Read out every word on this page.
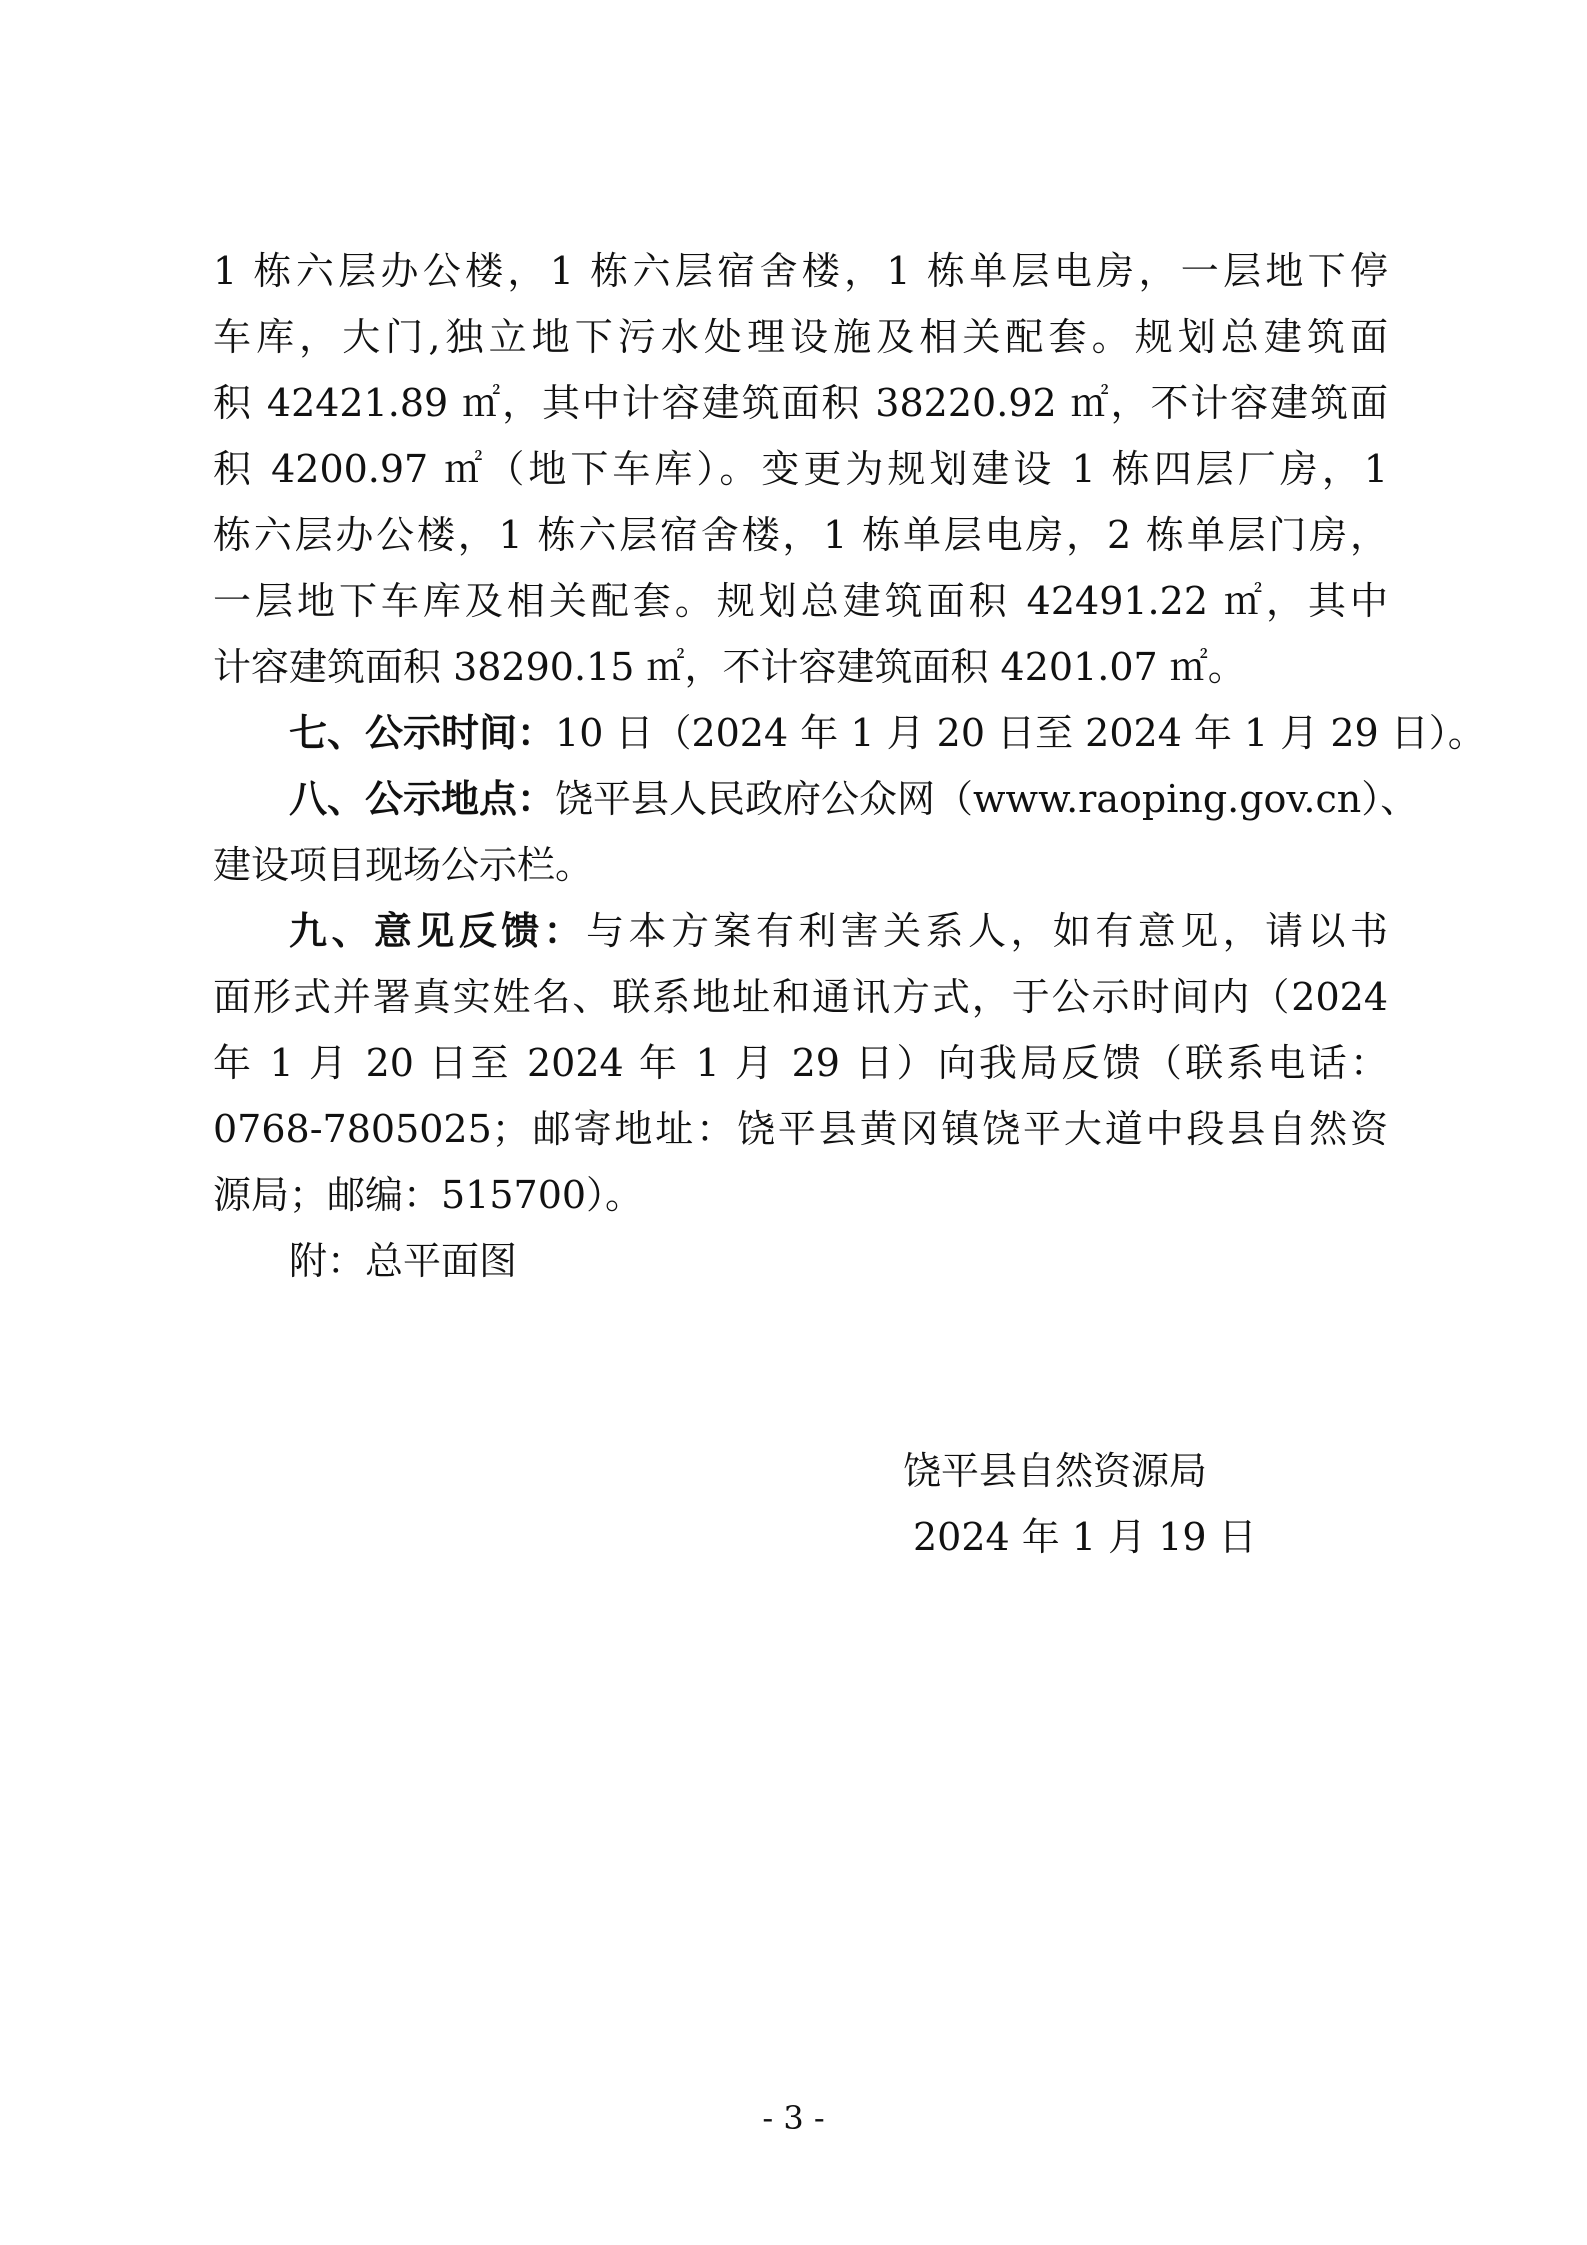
1 栋六层办公楼，1 栋六层宿舍楼，1 栋单层电房，一层地下停
车库，大门,独立地下污水处理设施及相关配套。规划总建筑面
积 42421.89 ㎡，其中计容建筑面积 38220.92 ㎡，不计容建筑面
积 4200.97 ㎡（地下车库）。变更为规划建设 1 栋四层厂房，1
栋六层办公楼，1 栋六层宿舍楼，1 栋单层电房，2 栋单层门房，
一层地下车库及相关配套。规划总建筑面积 42491.22 ㎡，其中
计容建筑面积 38290.15 ㎡，不计容建筑面积 4201.07 ㎡。
七、公示时间：10 日（2024 年 1 月 20 日至 2024 年 1 月 29 日）。
八、公示地点：饶平县人民政府公众网（www.raoping.gov.cn）、
建设项目现场公示栏。
九、意见反馈：与本方案有利害关系人，如有意见，请以书
面形式并署真实姓名、联系地址和通讯方式，于公示时间内（2024
年 1 月 20 日至 2024 年 1 月 29 日）向我局反馈（联系电话：
0768-7805025；邮寄地址：饶平县黄冈镇饶平大道中段县自然资
源局；邮编：515700）。
附：总平面图
饶平县自然资源局
2024 年 1 月 19 日
- 3 -
